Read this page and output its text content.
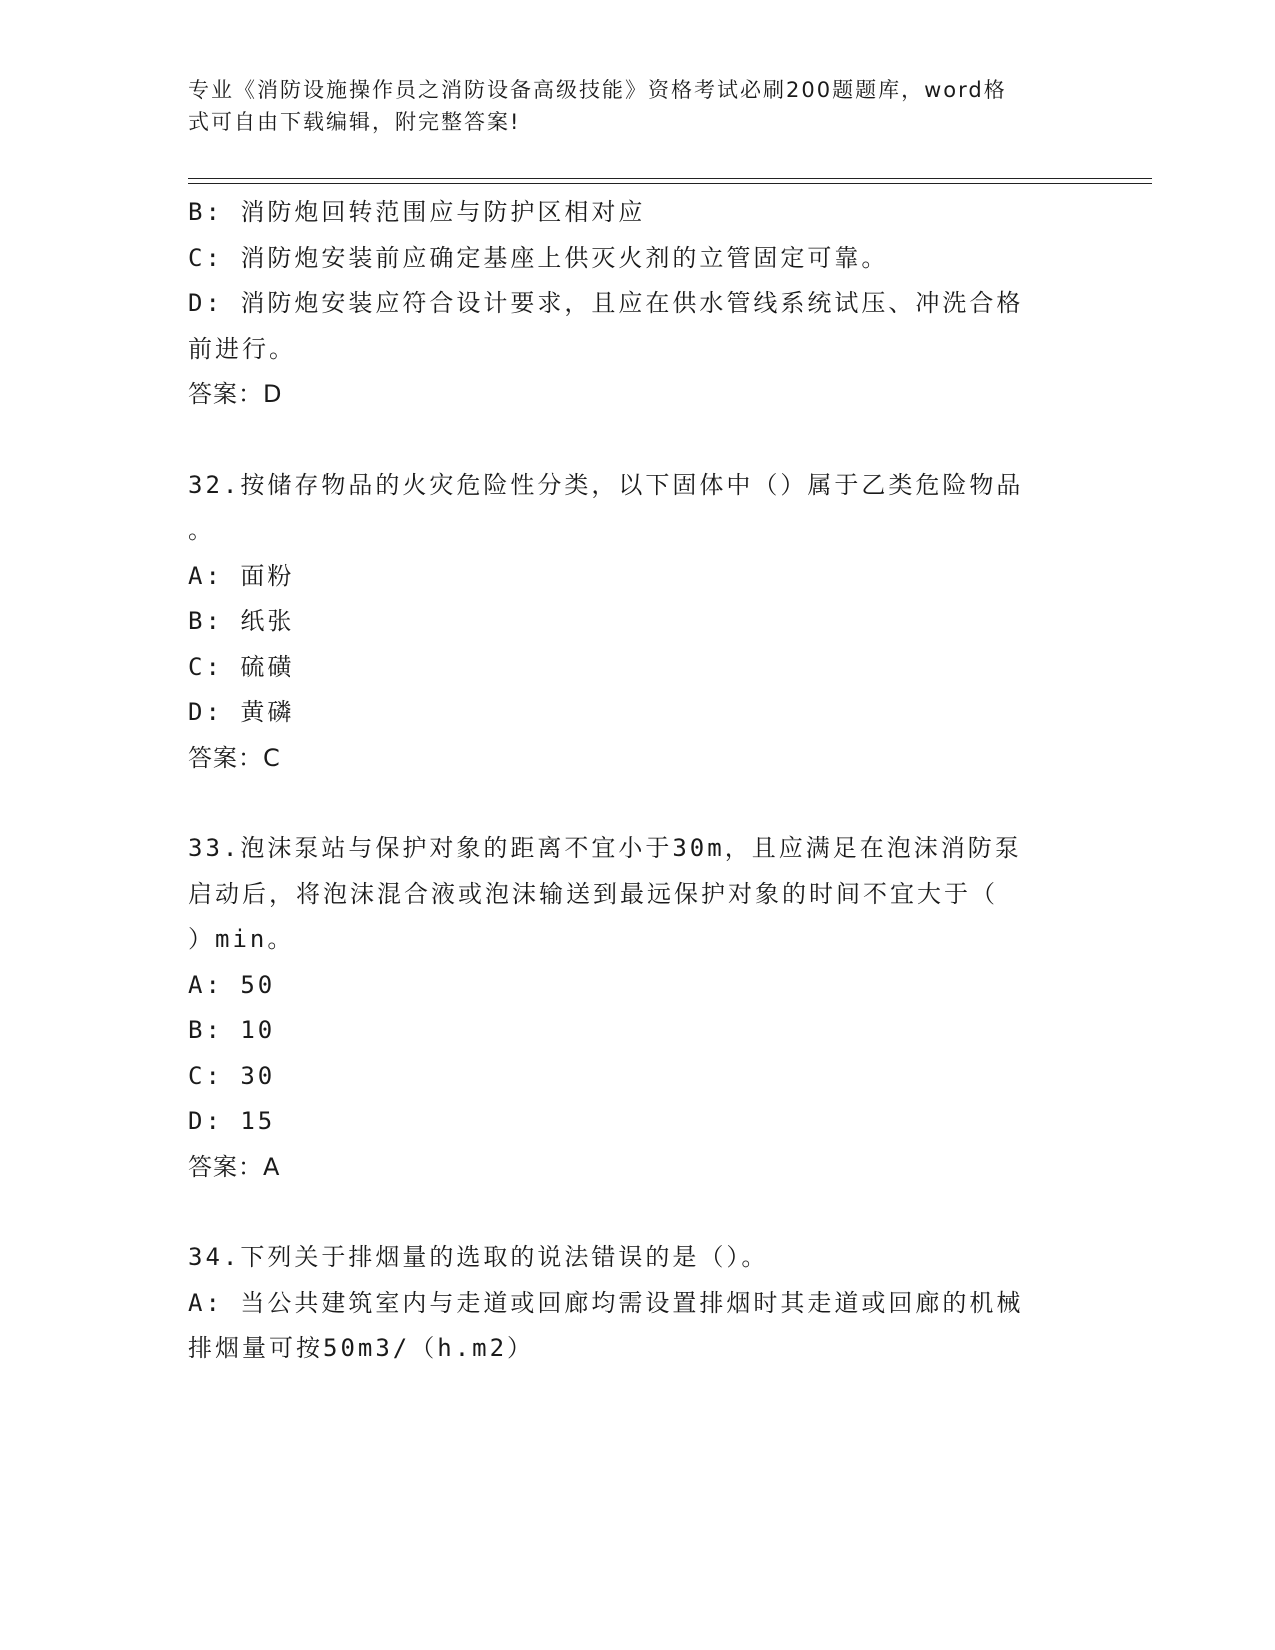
专业《消防设施操作员之消防设备高级技能》资格考试必刷200题题库，word格
式可自由下载编辑，附完整答案!
B: 消防炮回转范围应与防护区相对应
C: 消防炮安装前应确定基座上供灭火剂的立管固定可靠。
D: 消防炮安装应符合设计要求，且应在供水管线系统试压、冲洗合格
前进行。
答案：D
32.按储存物品的火灾危险性分类，以下固体中（）属于乙类危险物品
。
A: 面粉
B: 纸张
C: 硫磺
D: 黄磷
答案：C
33.泡沫泵站与保护对象的距离不宜小于30m，且应满足在泡沫消防泵
启动后，将泡沫混合液或泡沫输送到最远保护对象的时间不宜大于（
）min。
A: 50
B: 10
C: 30
D: 15
答案：A
34.下列关于排烟量的选取的说法错误的是（）。
A: 当公共建筑室内与走道或回廊均需设置排烟时其走道或回廊的机械
排烟量可按50m3/（h.m2）
